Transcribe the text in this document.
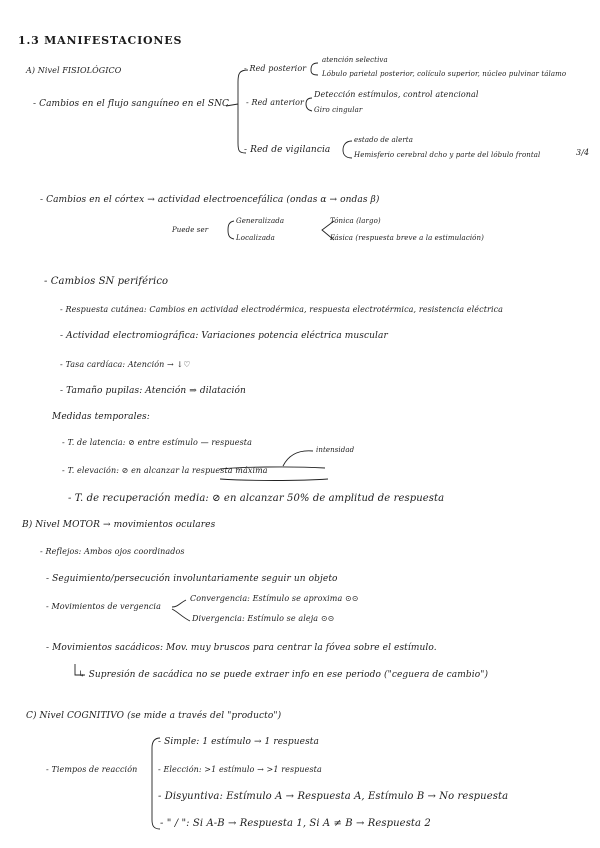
1.3 MANIFESTACIONES
A) Nivel FISIOLÓGICO
- Cambios en el flujo sanguíneo en el SNC
- Red posterior
atención selectiva
Lóbulo parietal posterior, colículo superior, núcleo pulvinar tálamo
- Red anterior
Detección estímulos, control atencional
Giro cingular
- Red de vigilancia
estado de alerta
Hemisferio cerebral dcho y parte del lóbulo frontal	3/4
- Cambios en el córtex → actividad electroencefálica (ondas α → ondas β)
Puede ser
Generalizada
Localizada
Tónica (largo)
Fásica (respuesta breve a la estimulación)
- Cambios SN periférico
- Respuesta cutánea: Cambios en actividad electrodérmica, respuesta electrotérmica, resistencia eléctrica
- Actividad electromiográfica: Variaciones potencia eléctrica muscular
- Tasa cardíaca: Atención → ↓♡
- Tamaño pupilas: Atención ⇒ dilatación
Medidas temporales:
- T. de latencia: ⊘ entre estímulo — respuesta
- T. elevación: ⊘ en alcanzar la respuesta máxima
intensidad
- T. de recuperación media: ⊘ en alcanzar 50% de amplitud de respuesta
B) Nivel MOTOR → movimientos oculares
- Reflejos: Ambos ojos coordinados
- Seguimiento/persecución involuntariamente seguir un objeto
- Movimientos de vergencia
Convergencia: Estímulo se aproxima ⊙⊙
Divergencia: Estímulo se aleja ⊙⊙
- Movimientos sacádicos: Mov. muy bruscos para centrar la fóvea sobre el estímulo.
↳ Supresión de sacádica no se puede extraer info en ese periodo ("ceguera de cambio")
C) Nivel COGNITIVO (se mide a través del "producto")
- Tiempos de reacción
- Simple: 1 estímulo → 1 respuesta
- Elección: >1 estímulo → >1 respuesta
- Disyuntiva: Estímulo A → Respuesta A, Estímulo B → No respuesta
- " / ": Si A-B → Respuesta 1, Si A ≠ B → Respuesta 2
